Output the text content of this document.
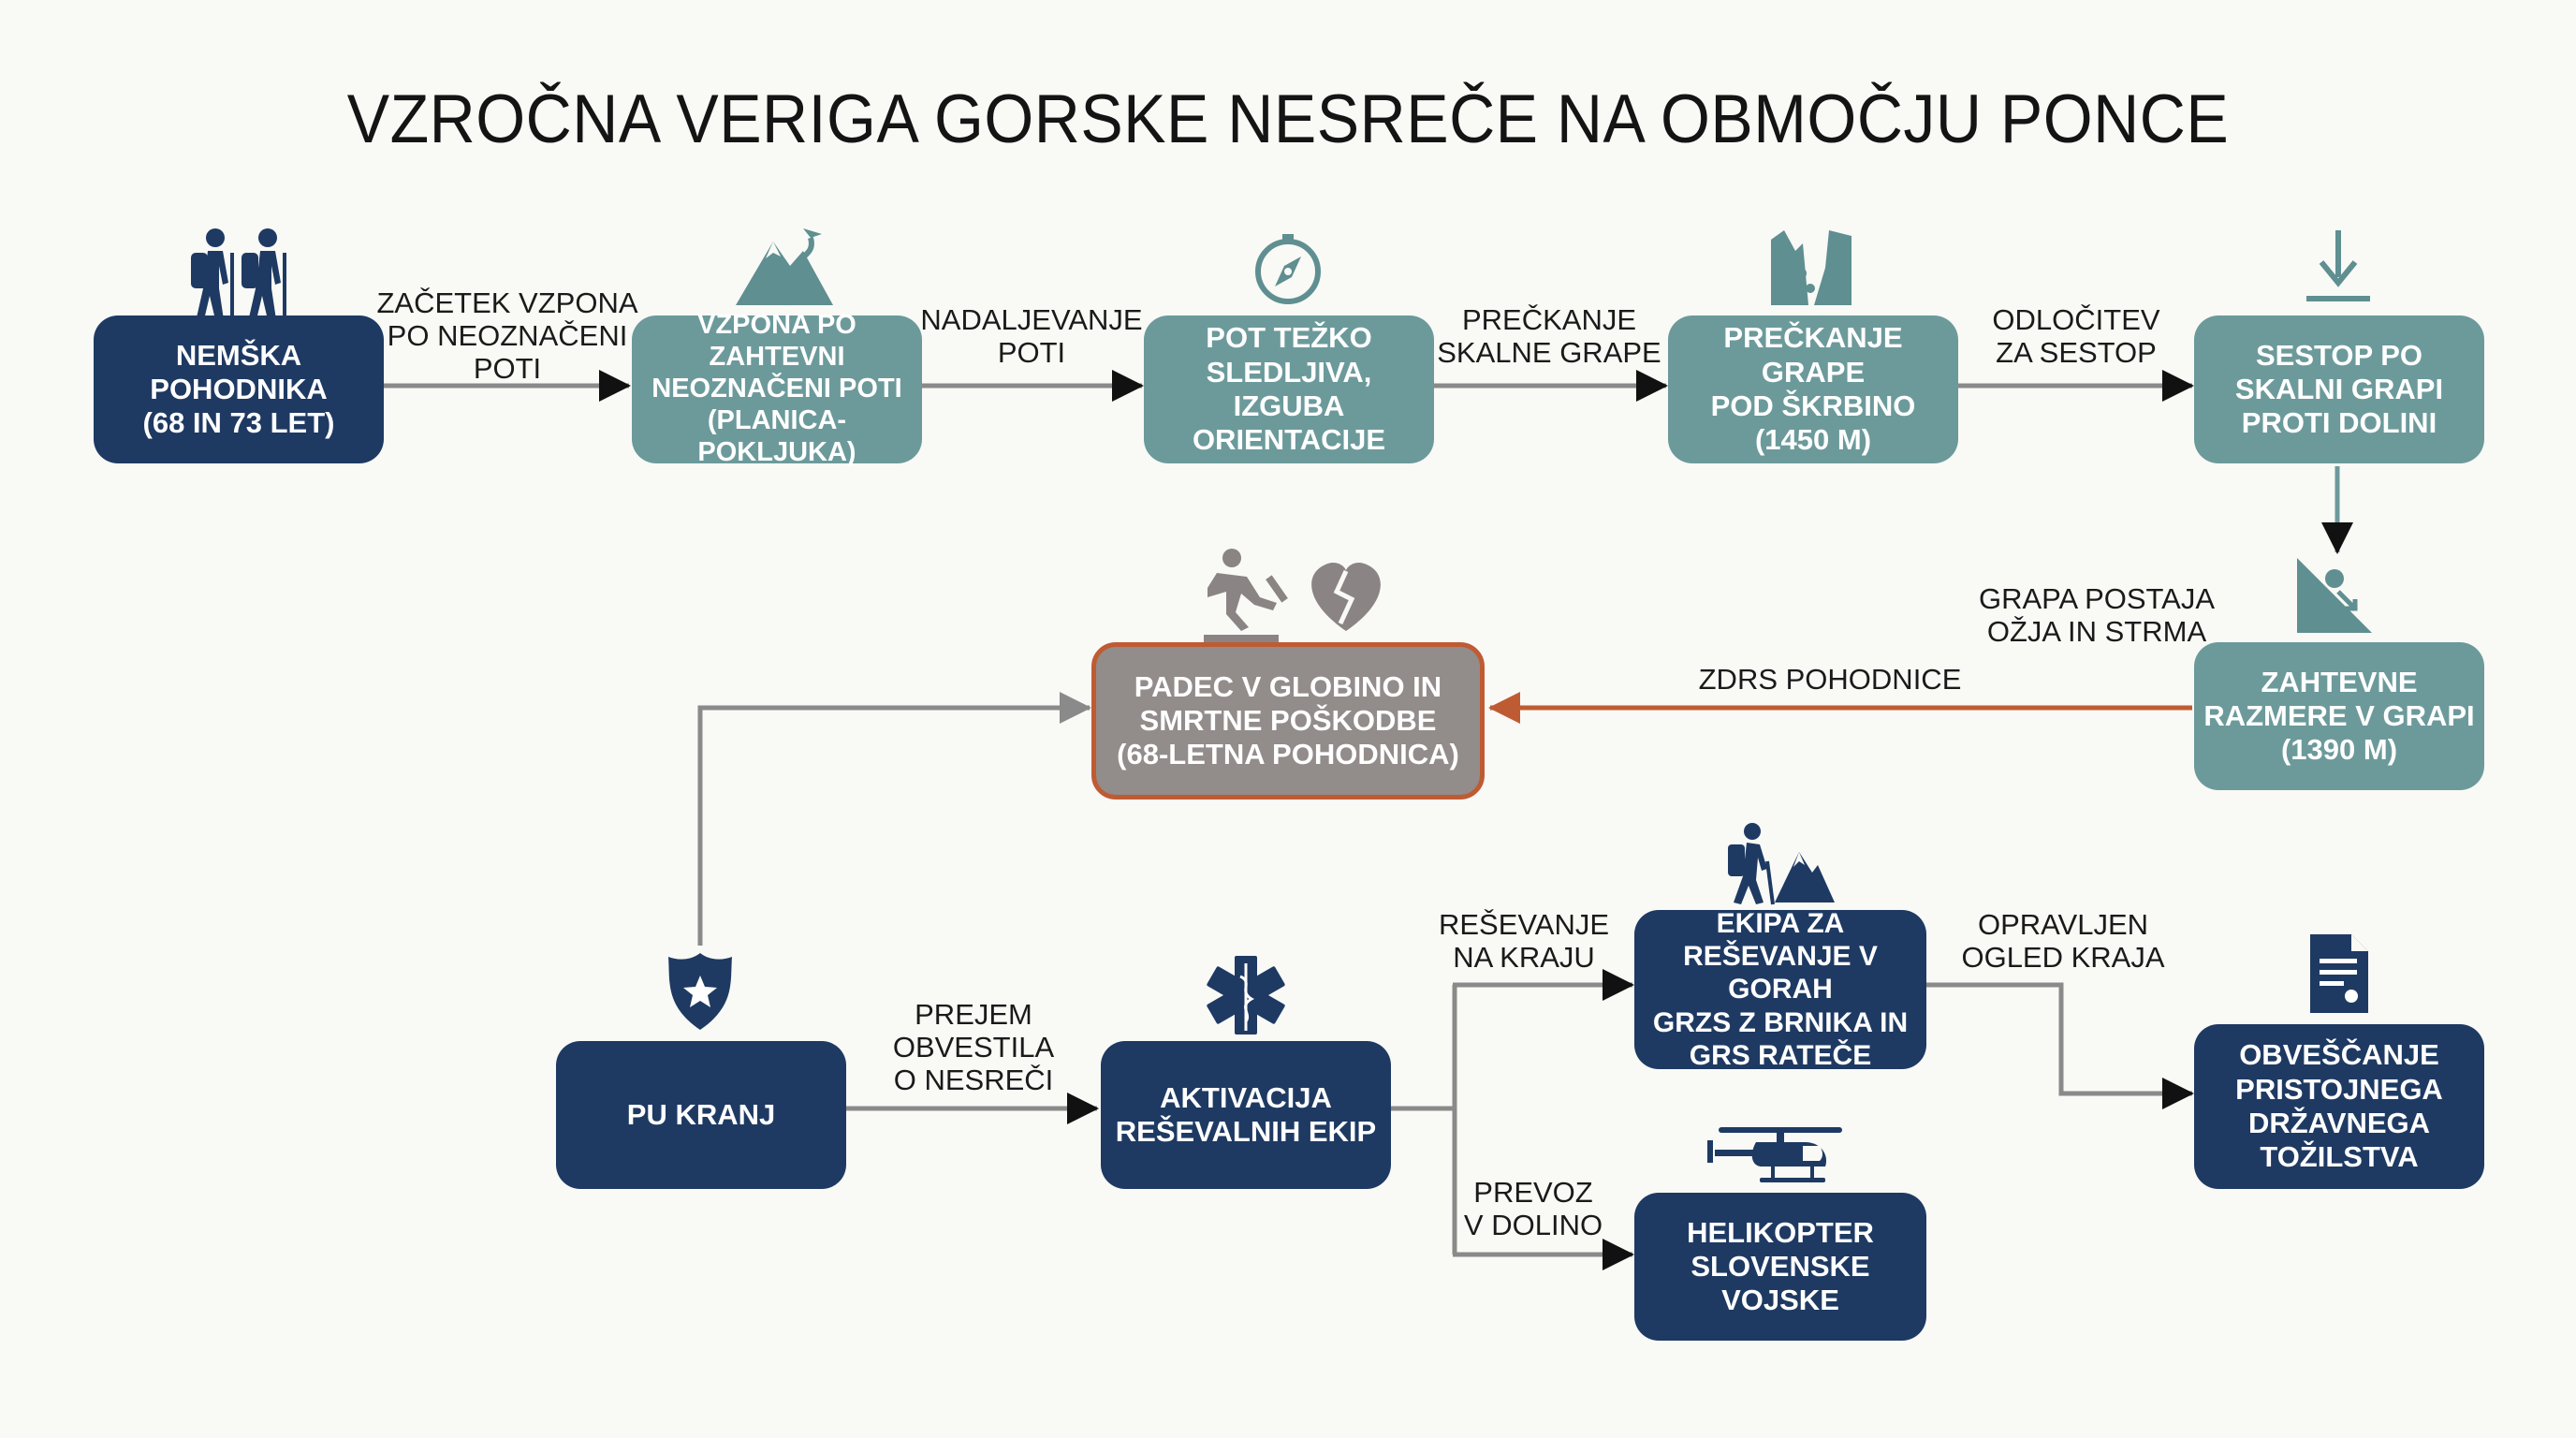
VZROČNA VERIGA GORSKE NESREČE NA OBMOČJU PONCE
NEMŠKA
POHODNIKA
(68 IN 73 LET)
VZPONA PO
ZAHTEVNI
NEOZNAČENI POTI
(PLANICA-POKLJUKA)
POT TEŽKO
SLEDLJIVA, IZGUBA
ORIENTACIJE
PREČKANJE GRAPE
POD ŠKRBINO
(1450 M)
SESTOP PO
SKALNI GRAPI
PROTI DOLINI
ZAHTEVNE
RAZMERE V GRAPI
(1390 M)
PADEC V GLOBINO IN
SMRTNE POŠKODBE
(68-LETNA POHODNICA)
PU KRANJ
AKTIVACIJA
REŠEVALNIH EKIP
EKIPA ZA
REŠEVANJE V GORAH
GRZS Z BRNIKA IN
GRS RATEČE
HELIKOPTER
SLOVENSKE
VOJSKE
OBVEŠČANJE
PRISTOJNEGA
DRŽAVNEGA
TOŽILSTVA
ZAČETEK VZPONA
PO NEOZNAČENI
POTI
NADALJEVANJE
POTI
PREČKANJE
SKALNE GRAPE
ODLOČITEV
ZA SESTOP
GRAPA POSTAJA
OŽJA IN STRMA
ZDRS POHODNICE
PREJEM
OBVESTILA
O NESREČI
REŠEVANJE
NA KRAJU
PREVOZ
V DOLINO
OPRAVLJEN
OGLED KRAJA
